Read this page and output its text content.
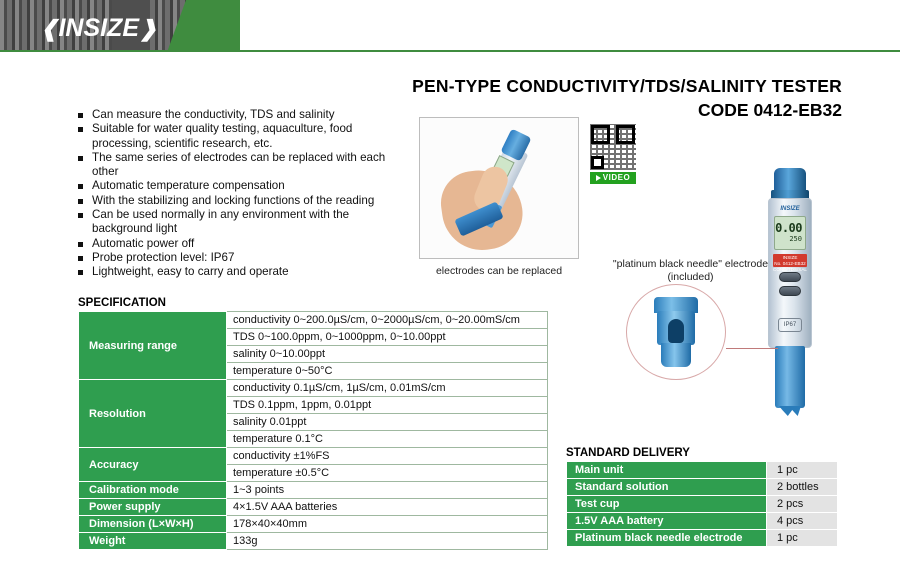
❰INSIZE❱
PEN-TYPE CONDUCTIVITY/TDS/SALINITY TESTER
CODE 0412-EB32
Can measure the conductivity, TDS and salinity
Suitable for water quality testing, aquaculture, food processing, scientific research, etc.
The same series of electrodes can be replaced with each other
Automatic temperature compensation
With the stabilizing and locking functions of the reading
Can be used normally in any environment with the background light
Automatic power off
Probe protection level: IP67
Lightweight, easy to carry and operate	electrodes can be replaced
VIDEO
INSIZE
0.00
250
INSIZE
No. 0412-EB32
COND/TDS/SAL
IP67
"platinum black needle" electrode (included)
SPECIFICATION
Measuring range	conductivity 0~200.0µS/cm, 0~2000µS/cm, 0~20.00mS/cm
	TDS 0~100.0ppm, 0~1000ppm, 0~10.00ppt
	salinity 0~10.00ppt
	temperature 0~50°C
Resolution	conductivity 0.1µS/cm, 1µS/cm, 0.01mS/cm
	TDS 0.1ppm, 1ppm, 0.01ppt
	salinity 0.01ppt
	temperature 0.1°C
Accuracy	conductivity ±1%FS
	temperature ±0.5°C
Calibration mode	1~3 points
Power supply	4×1.5V AAA batteries
Dimension (L×W×H)	178×40×40mm
Weight	133g
STANDARD DELIVERY
Main unit	1 pc
Standard solution	2 bottles
Test cup	2 pcs
1.5V AAA battery	4 pcs
Platinum black needle electrode	1 pc
